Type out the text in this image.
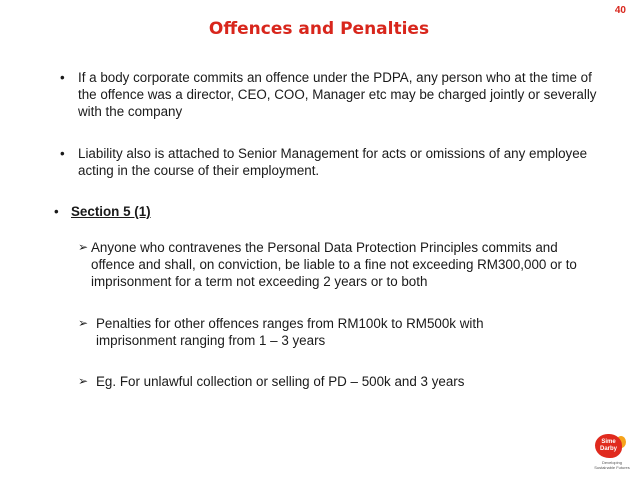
40
Offences and Penalties
• If a body corporate commits an offence under the PDPA, any person who at the time of the offence was a director, CEO, COO, Manager etc may be charged jointly or severally with the company
• Liability also is attached to Senior Management for acts or omissions of any employee acting in the course of their employment.
• Section 5 (1)
➢ Anyone who contravenes the Personal Data Protection Principles commits and offence and shall, on conviction, be liable to a fine not exceeding RM300,000 or to imprisonment for a term not exceeding 2 years or to both
➢ Penalties for other offences ranges from RM100k to RM500k with imprisonment ranging from 1 – 3 years
➢ Eg. For unlawful collection or selling of PD – 500k and 3 years
Sime
Darby
Developing Sustainable Futures
